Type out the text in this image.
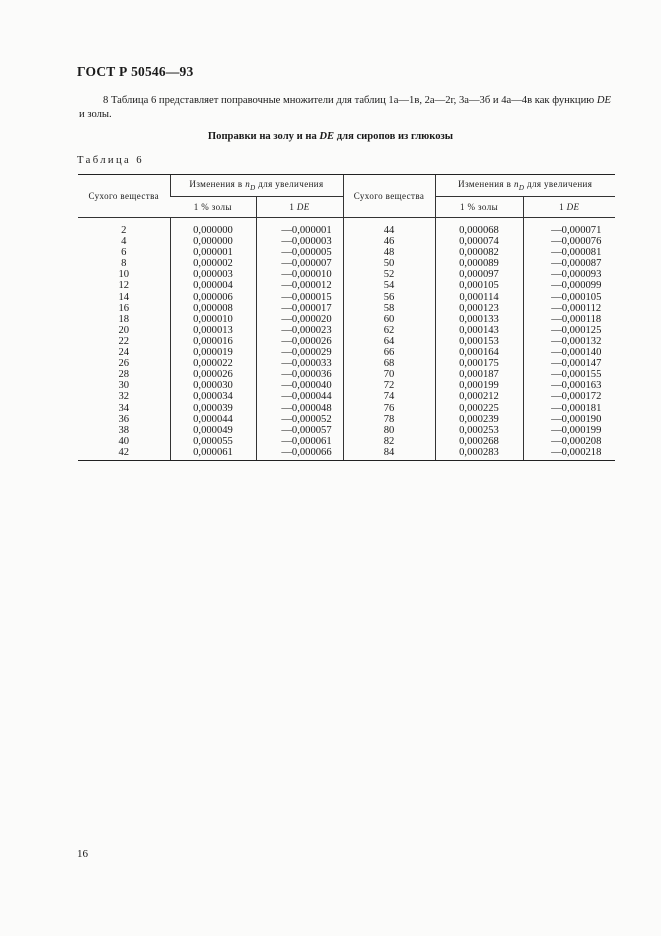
ГОСТ Р 50546—93
8 Таблица 6 представляет поправочные множители для таблиц 1а—1в, 2а—2г, 3а—3б и 4а—4в как функцию DE и золы.
Поправки на золу и на DE для сиропов из глюкозы
Таблица 6
Сухого вещества	Изменения в $n_D$ для увеличения		Сухого вещества	Изменения в $n_D$ для увеличения	
	1 % золы	1 DE		1 % золы	1 DE
2	0,000000	—0,000001	44	0,000068	—0,000071
4	0,000000	—0,000003	46	0,000074	—0,000076
6	0,000001	—0,000005	48	0,000082	—0,000081
8	0,000002	—0,000007	50	0,000089	—0,000087
10	0,000003	—0,000010	52	0,000097	—0,000093
12	0,000004	—0,000012	54	0,000105	—0,000099
14	0,000006	—0,000015	56	0,000114	—0,000105
16	0,000008	—0,000017	58	0,000123	—0,000112
18	0,000010	—0,000020	60	0,000133	—0,000118
20	0,000013	—0,000023	62	0,000143	—0,000125
22	0,000016	—0,000026	64	0,000153	—0,000132
24	0,000019	—0,000029	66	0,000164	—0,000140
26	0,000022	—0,000033	68	0,000175	—0,000147
28	0,000026	—0,000036	70	0,000187	—0,000155
30	0,000030	—0,000040	72	0,000199	—0,000163
32	0,000034	—0,000044	74	0,000212	—0,000172
34	0,000039	—0,000048	76	0,000225	—0,000181
36	0,000044	—0,000052	78	0,000239	—0,000190
38	0,000049	—0,000057	80	0,000253	—0,000199
40	0,000055	—0,000061	82	0,000268	—0,000208
42	0,000061	—0,000066	84	0,000283	—0,000218
16
